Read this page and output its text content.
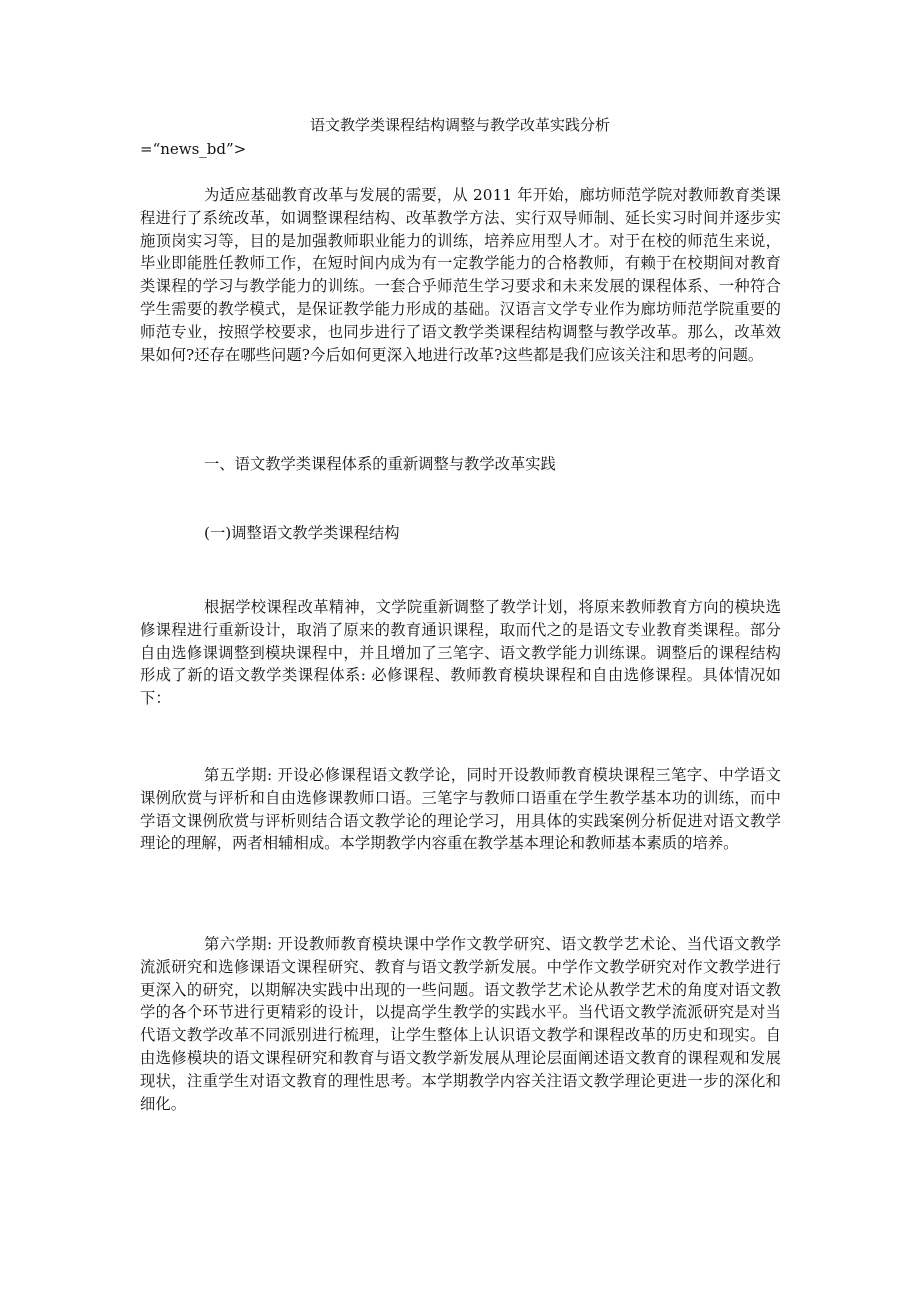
语文教学类课程结构调整与教学改革实践分析
=“news_bd”>

为适应基础教育改革与发展的需要，从 2011 年开始，廊坊师范学院对教师教育类课程进行了系统改革，如调整课程结构、改革教学方法、实行双导师制、延长实习时间并逐步实施顶岗实习等，目的是加强教师职业能力的训练，培养应用型人才。对于在校的师范生来说，毕业即能胜任教师工作，在短时间内成为有一定教学能力的合格教师，有赖于在校期间对教育类课程的学习与教学能力的训练。一套合乎师范生学习要求和未来发展的课程体系、一种符合学生需要的教学模式，是保证教学能力形成的基础。汉语言文学专业作为廊坊师范学院重要的师范专业，按照学校要求，也同步进行了语文教学类课程结构调整与教学改革。那么，改革效果如何?还存在哪些问题?今后如何更深入地进行改革?这些都是我们应该关注和思考的问题。

一、语文教学类课程体系的重新调整与教学改革实践

(一)调整语文教学类课程结构

根据学校课程改革精神，文学院重新调整了教学计划，将原来教师教育方向的模块选修课程进行重新设计，取消了原来的教育通识课程，取而代之的是语文专业教育类课程。部分自由选修课调整到模块课程中，并且增加了三笔字、语文教学能力训练课。调整后的课程结构形成了新的语文教学类课程体系: 必修课程、教师教育模块课程和自由选修课程。具体情况如下：

第五学期: 开设必修课程语文教学论，同时开设教师教育模块课程三笔字、中学语文课例欣赏与评析和自由选修课教师口语。三笔字与教师口语重在学生教学基本功的训练，而中学语文课例欣赏与评析则结合语文教学论的理论学习，用具体的实践案例分析促进对语文教学理论的理解，两者相辅相成。本学期教学内容重在教学基本理论和教师基本素质的培养。

第六学期: 开设教师教育模块课中学作文教学研究、语文教学艺术论、当代语文教学流派研究和选修课语文课程研究、教育与语文教学新发展。中学作文教学研究对作文教学进行更深入的研究，以期解决实践中出现的一些问题。语文教学艺术论从教学艺术的角度对语文教学的各个环节进行更精彩的设计，以提高学生教学的实践水平。当代语文教学流派研究是对当代语文教学改革不同派别进行梳理，让学生整体上认识语文教学和课程改革的历史和现实。自由选修模块的语文课程研究和教育与语文教学新发展从理论层面阐述语文教育的课程观和发展现状，注重学生对语文教育的理性思考。本学期教学内容关注语文教学理论更进一步的深化和细化。
